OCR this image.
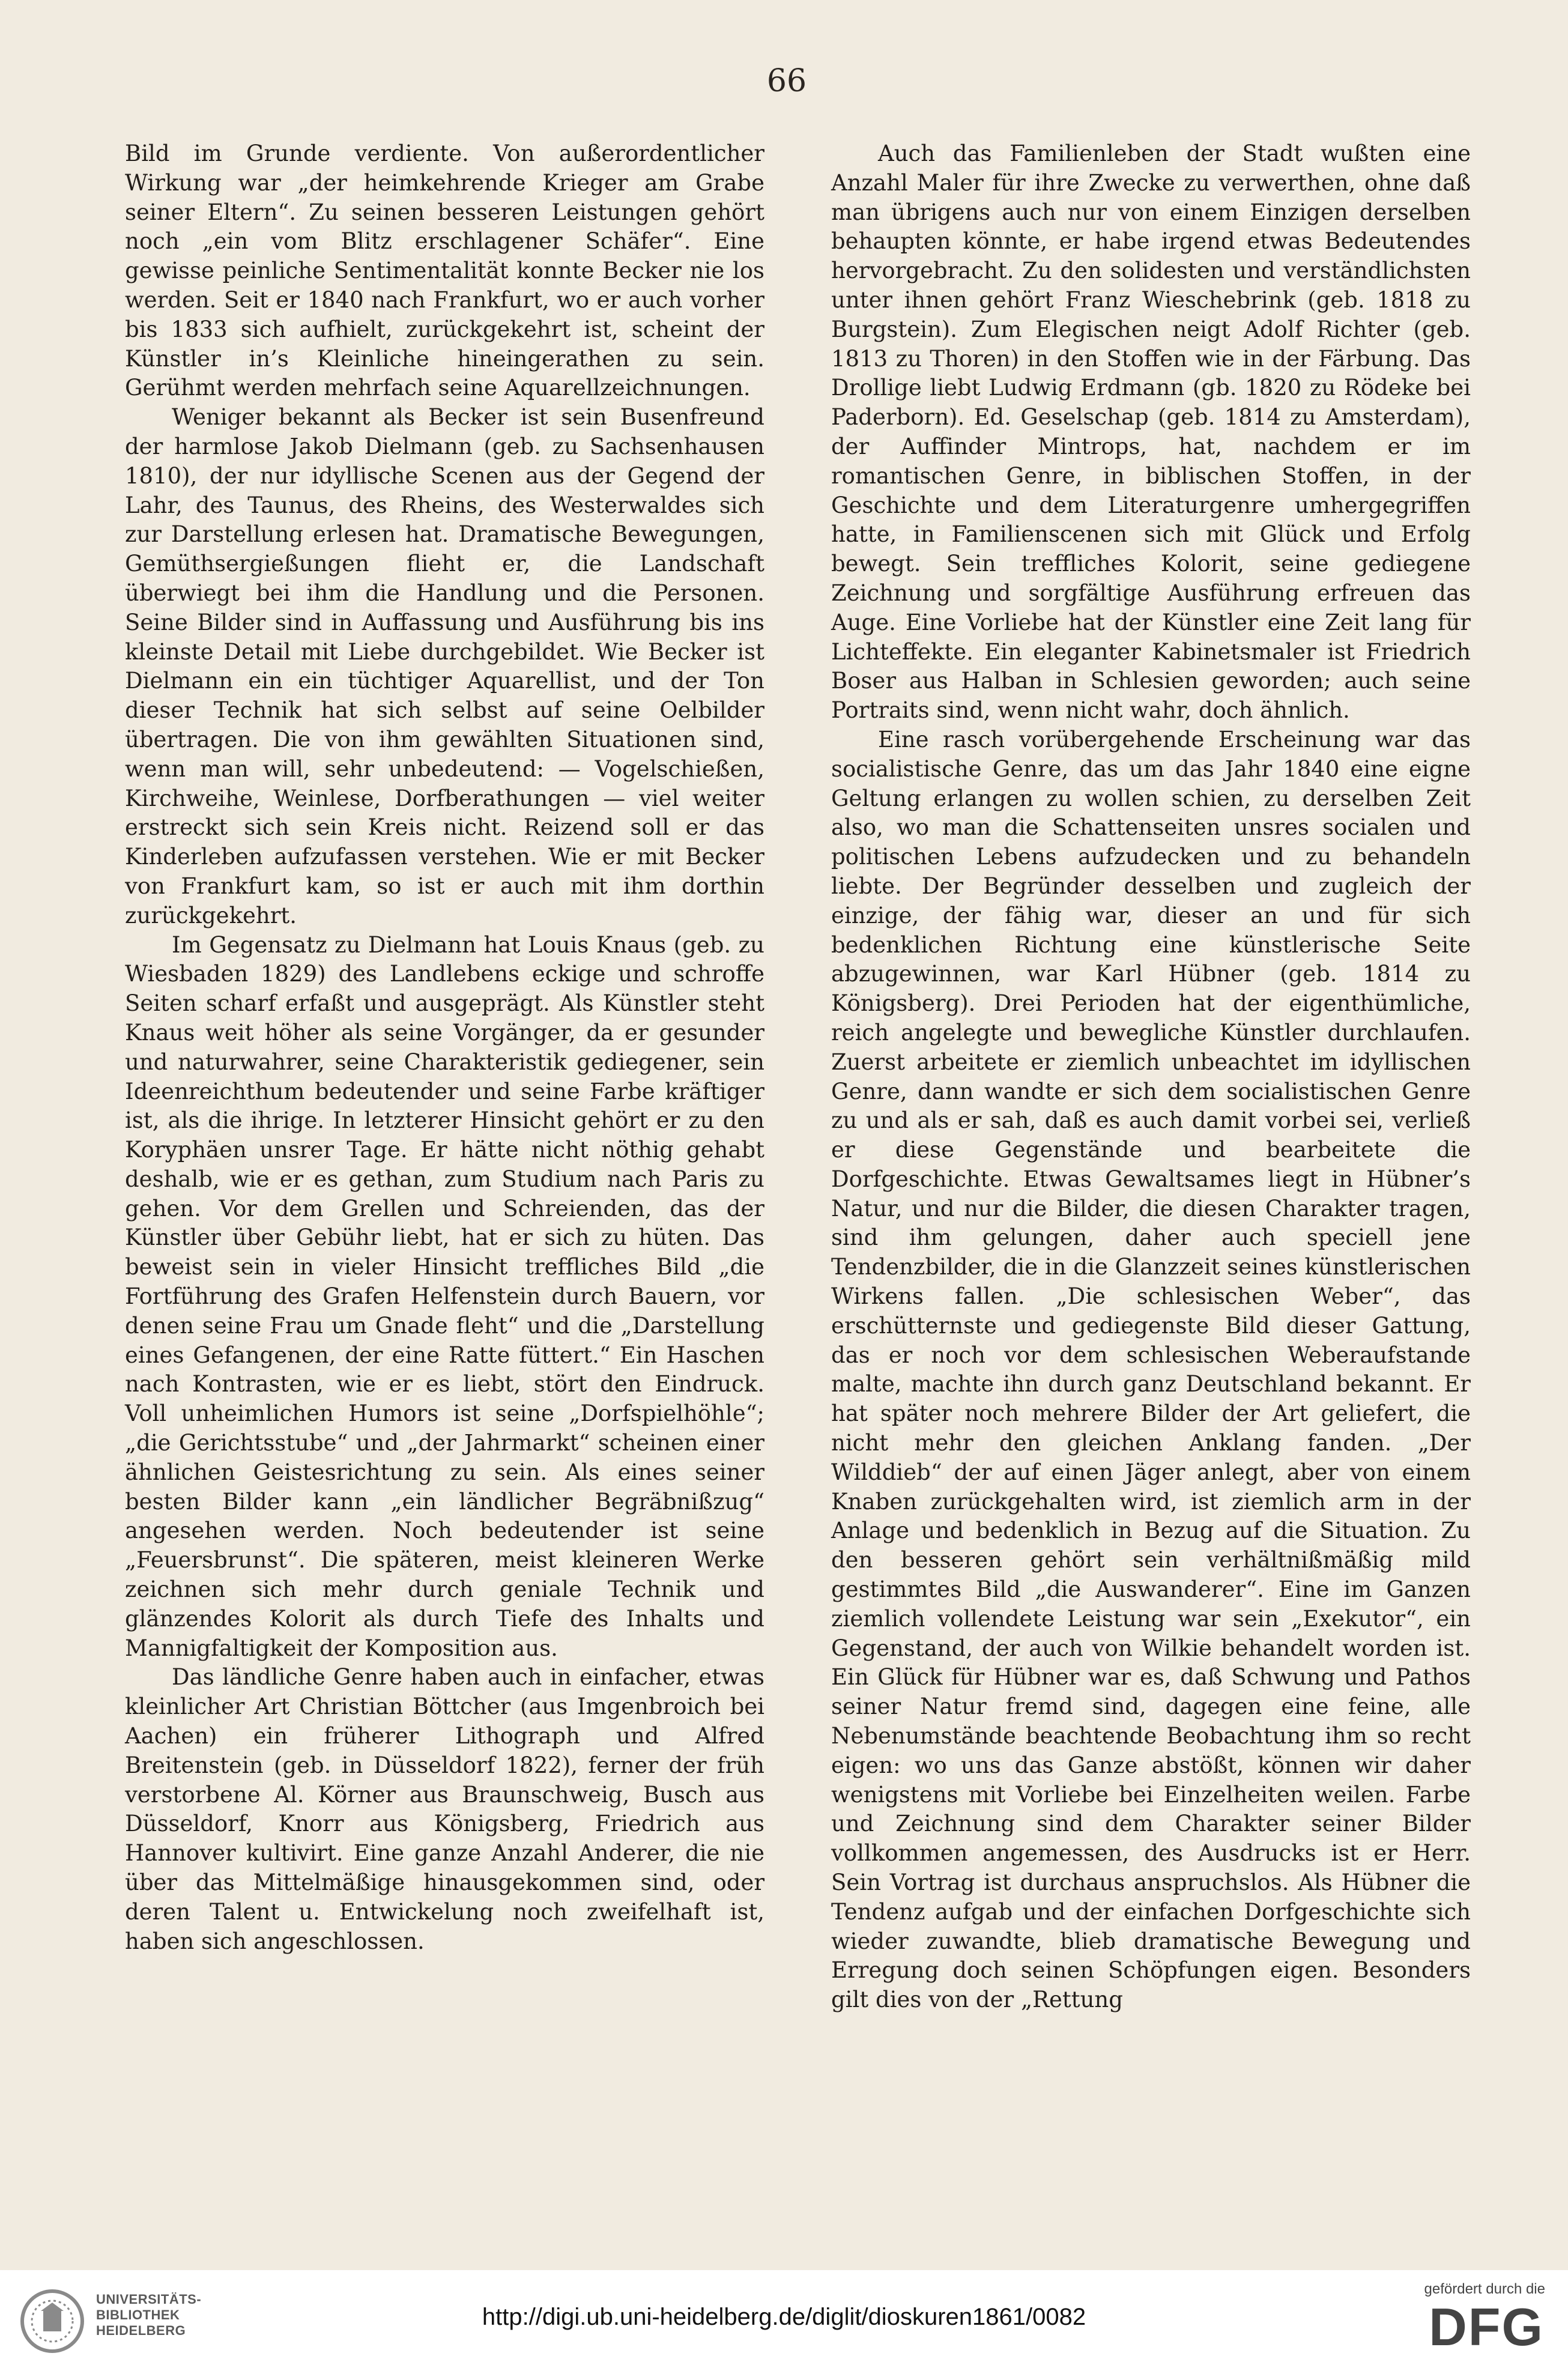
66

Bild im Grunde verdiente. Von außerordentlicher Wirkung war „der heimkehrende Krieger am Grabe seiner Eltern“. Zu seinen besseren Leistungen gehört noch „ein vom Blitz erschlagener Schäfer“. Eine gewisse peinliche Sentimentalität konnte Becker nie los werden. Seit er 1840 nach Frankfurt, wo er auch vorher bis 1833 sich aufhielt, zurückgekehrt ist, scheint der Künstler in’s Kleinliche hineingerathen zu sein. Gerühmt werden mehrfach seine Aquarellzeichnungen.

Weniger bekannt als Becker ist sein Busenfreund der harmlose Jakob Dielmann (geb. zu Sachsenhausen 1810), der nur idyllische Scenen aus der Gegend der Lahr, des Taunus, des Rheins, des Westerwaldes sich zur Darstellung erlesen hat. Dramatische Bewegungen, Gemüthsergießungen flieht er, die Landschaft überwiegt bei ihm die Handlung und die Personen. Seine Bilder sind in Auffassung und Ausführung bis ins kleinste Detail mit Liebe durchgebildet. Wie Becker ist Dielmann ein ein tüchtiger Aquarellist, und der Ton dieser Technik hat sich selbst auf seine Oelbilder übertragen. Die von ihm gewählten Situationen sind, wenn man will, sehr unbedeutend: — Vogelschießen, Kirchweihe, Weinlese, Dorfberathungen — viel weiter erstreckt sich sein Kreis nicht. Reizend soll er das Kinderleben aufzufassen verstehen. Wie er mit Becker von Frankfurt kam, so ist er auch mit ihm dorthin zurückgekehrt.

Im Gegensatz zu Dielmann hat Louis Knaus (geb. zu Wiesbaden 1829) des Landlebens eckige und schroffe Seiten scharf erfaßt und ausgeprägt. Als Künstler steht Knaus weit höher als seine Vorgänger, da er gesunder und naturwahrer, seine Charakteristik gediegener, sein Ideenreichthum bedeutender und seine Farbe kräftiger ist, als die ihrige. In letzterer Hinsicht gehört er zu den Koryphäen unsrer Tage. Er hätte nicht nöthig gehabt deshalb, wie er es gethan, zum Studium nach Paris zu gehen. Vor dem Grellen und Schreienden, das der Künstler über Gebühr liebt, hat er sich zu hüten. Das beweist sein in vieler Hinsicht treffliches Bild „die Fortführung des Grafen Helfenstein durch Bauern, vor denen seine Frau um Gnade fleht“ und die „Darstellung eines Gefangenen, der eine Ratte füttert.“ Ein Haschen nach Kontrasten, wie er es liebt, stört den Eindruck. Voll unheimlichen Humors ist seine „Dorfspielhöhle“; „die Gerichtsstube“ und „der Jahrmarkt“ scheinen einer ähnlichen Geistesrichtung zu sein. Als eines seiner besten Bilder kann „ein ländlicher Begräbnißzug“ angesehen werden. Noch bedeutender ist seine „Feuersbrunst“. Die späteren, meist kleineren Werke zeichnen sich mehr durch geniale Technik und glänzendes Kolorit als durch Tiefe des Inhalts und Mannigfaltigkeit der Komposition aus.

Das ländliche Genre haben auch in einfacher, etwas kleinlicher Art Christian Böttcher (aus Imgenbroich bei Aachen) ein früherer Lithograph und Alfred Breitenstein (geb. in Düsseldorf 1822), ferner der früh verstorbene Al. Körner aus Braunschweig, Busch aus Düsseldorf, Knorr aus Königsberg, Friedrich aus Hannover kultivirt. Eine ganze Anzahl Anderer, die nie über das Mittelmäßige hinausgekommen sind, oder deren Talent u. Entwickelung noch zweifelhaft ist, haben sich angeschlossen.

Auch das Familienleben der Stadt wußten eine Anzahl Maler für ihre Zwecke zu verwerthen, ohne daß man übrigens auch nur von einem Einzigen derselben behaupten könnte, er habe irgend etwas Bedeutendes hervorgebracht. Zu den solidesten und verständlichsten unter ihnen gehört Franz Wieschebrink (geb. 1818 zu Burgstein). Zum Elegischen neigt Adolf Richter (geb. 1813 zu Thoren) in den Stoffen wie in der Färbung. Das Drollige liebt Ludwig Erdmann (gb. 1820 zu Rödeke bei Paderborn). Ed. Geselschap (geb. 1814 zu Amsterdam), der Auffinder Mintrops, hat, nachdem er im romantischen Genre, in biblischen Stoffen, in der Geschichte und dem Literaturgenre umhergegriffen hatte, in Familienscenen sich mit Glück und Erfolg bewegt. Sein treffliches Kolorit, seine gediegene Zeichnung und sorgfältige Ausführung erfreuen das Auge. Eine Vorliebe hat der Künstler eine Zeit lang für Lichteffekte. Ein eleganter Kabinetsmaler ist Friedrich Boser aus Halban in Schlesien geworden; auch seine Portraits sind, wenn nicht wahr, doch ähnlich.

Eine rasch vorübergehende Erscheinung war das socialistische Genre, das um das Jahr 1840 eine eigne Geltung erlangen zu wollen schien, zu derselben Zeit also, wo man die Schattenseiten unsres socialen und politischen Lebens aufzudecken und zu behandeln liebte. Der Begründer desselben und zugleich der einzige, der fähig war, dieser an und für sich bedenklichen Richtung eine künstlerische Seite abzugewinnen, war Karl Hübner (geb. 1814 zu Königsberg). Drei Perioden hat der eigenthümliche, reich angelegte und bewegliche Künstler durchlaufen. Zuerst arbeitete er ziemlich unbeachtet im idyllischen Genre, dann wandte er sich dem socialistischen Genre zu und als er sah, daß es auch damit vorbei sei, verließ er diese Gegenstände und bearbeitete die Dorfgeschichte. Etwas Gewaltsames liegt in Hübner’s Natur, und nur die Bilder, die diesen Charakter tragen, sind ihm gelungen, daher auch speciell jene Tendenzbilder, die in die Glanzzeit seines künstlerischen Wirkens fallen. „Die schlesischen Weber“, das erschütternste und gediegenste Bild dieser Gattung, das er noch vor dem schlesischen Weberaufstande malte, machte ihn durch ganz Deutschland bekannt. Er hat später noch mehrere Bilder der Art geliefert, die nicht mehr den gleichen Anklang fanden. „Der Wilddieb“ der auf einen Jäger anlegt, aber von einem Knaben zurückgehalten wird, ist ziemlich arm in der Anlage und bedenklich in Bezug auf die Situation. Zu den besseren gehört sein verhältnißmäßig mild gestimmtes Bild „die Auswanderer“. Eine im Ganzen ziemlich vollendete Leistung war sein „Exekutor“, ein Gegenstand, der auch von Wilkie behandelt worden ist. Ein Glück für Hübner war es, daß Schwung und Pathos seiner Natur fremd sind, dagegen eine feine, alle Nebenumstände beachtende Beobachtung ihm so recht eigen: wo uns das Ganze abstößt, können wir daher wenigstens mit Vorliebe bei Einzelheiten weilen. Farbe und Zeichnung sind dem Charakter seiner Bilder vollkommen angemessen, des Ausdrucks ist er Herr. Sein Vortrag ist durchaus anspruchslos. Als Hübner die Tendenz aufgab und der einfachen Dorfgeschichte sich wieder zuwandte, blieb dramatische Bewegung und Erregung doch seinen Schöpfungen eigen. Besonders gilt dies von der „Rettung

UNIVERSITÄTS-
BIBLIOTHEK
HEIDELBERG
http://digi.ub.uni-heidelberg.de/diglit/dioskuren1861/0082
gefördert durch die
DFG
